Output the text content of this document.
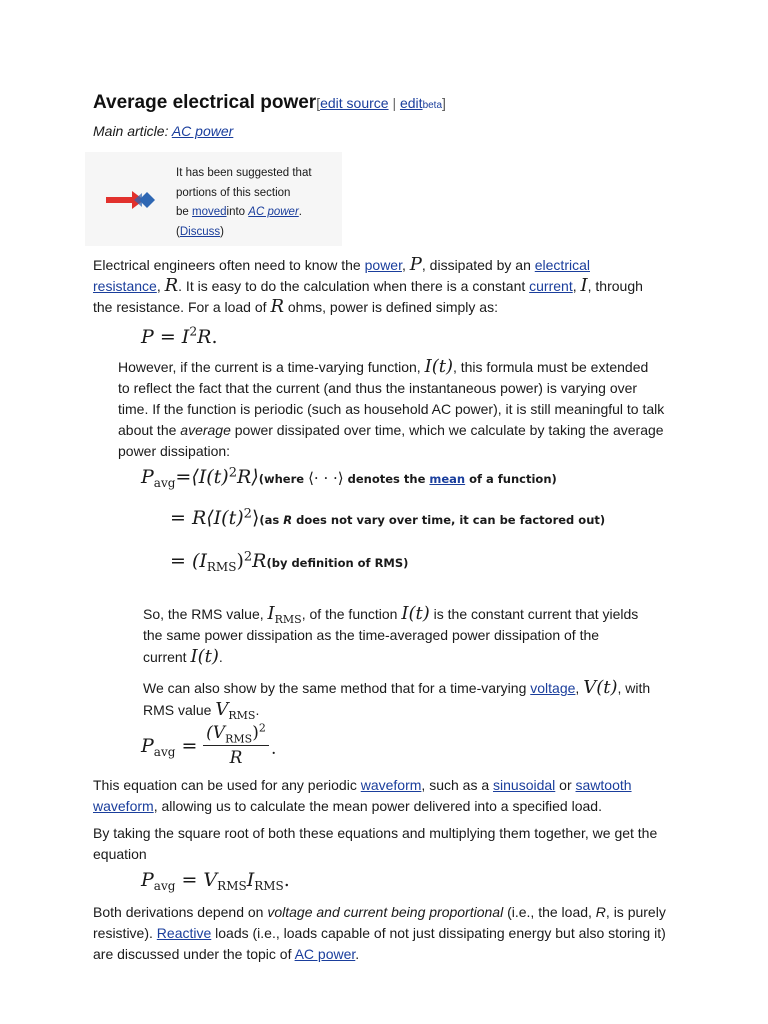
Average electrical power[edit source | editbeta]
Main article: AC power
It has been suggested that
portions of this section
be movedinto AC power.
(Discuss)
Electrical engineers often need to know the power, P, dissipated by an electrical
resistance, R. It is easy to do the calculation when there is a constant current, I, through
the resistance. For a load of R ohms, power is defined simply as:
$P = I^2R$.
However, if the current is a time-varying function, I(t), this formula must be extended
to reflect the fact that the current (and thus the instantaneous power) is varying over
time. If the function is periodic (such as household AC power), it is still meaningful to talk
about the average power dissipated over time, which we calculate by taking the average
power dissipation:
$P_{avg}=⟨I(t)^2R⟩(where$ ⟨· · ·⟩ denotes the mean of a function)
= $R⟨I(t)^2⟩(as$ R does not vary over time, it can be factored out)
= $(I_{RMS})^2R(by$ definition of RMS)
So, the RMS value, $I_{RMS}$, of the function I(t) is the constant current that yields
the same power dissipation as the time-averaged power dissipation of the
current I(t).
We can also show by the same method that for a time-varying voltage, V(t), with
RMS value $V_{RMS}$.
$P_{avg}$ =
$(V_{RMS})^2$
R	.
This equation can be used for any periodic waveform, such as a sinusoidal or sawtooth
waveform, allowing us to calculate the mean power delivered into a specified load.
By taking the square root of both these equations and multiplying them together, we get the
equation
$P_{avg} = V_{RMS}I_{RMS}$.
Both derivations depend on voltage and current being proportional (i.e., the load, R, is purely
resistive). Reactive loads (i.e., loads capable of not just dissipating energy but also storing it)
are discussed under the topic of AC power.
